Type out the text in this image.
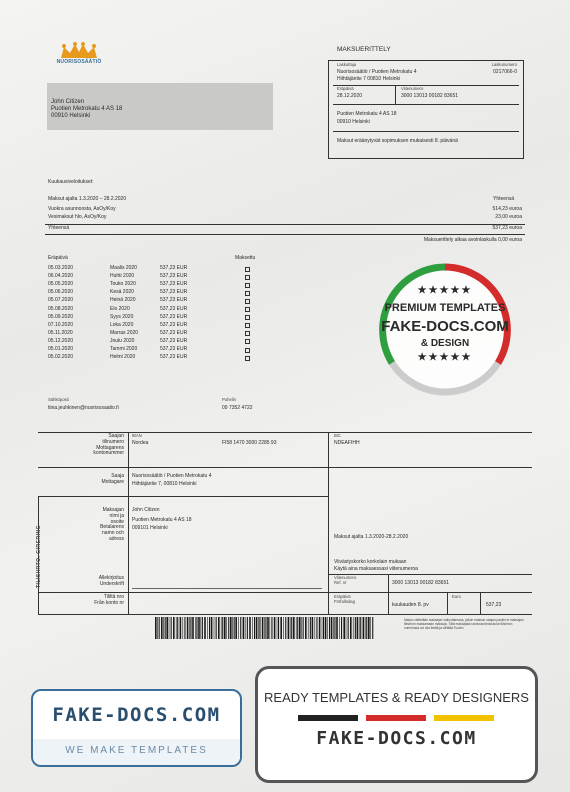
NUORISOSÄÄTIÖ
John Citizen
Puotien Metrokatu 4 AS 18
00910 Helsinki
MAKSUERITTELY
Laskuttaja	Laskunumero
Nuorisosäätiö / Puotien Metrokatu 4	0217066-0
Hiihtäjäntie 7 00810 Helsinki
Eräpäivä	Viitenumero
28.12.2020	3000 13013 00182 83651
Puotien Metrokatu 4 AS 18
00910 Helsinki
Maksut eräänytyvät sopimuksen mukaisesti 8. päivänä
Kuukausiveloitukset:
Maksut ajalta 1.3.2020 – 28.2.2020	Yhteensä
Vuokra asunnoosta, AsOy/Koy	514,23 euroa
Vesimaksut hlo, AsOy/Koy	23,00 euroa
Yhteensä	537,23 euroa
Maksuerittely alkaa avoinlaskulla 0,00 euroa
Eräpäivä	Maksettu
05.03.2020	Maalis 2020	537,23 EUR
06.04.2020	Huhti 2020	537,23 EUR
05.05.2020	Touko 2020	537,23 EUR
05.06.2020	Kesä 2020	537,23 EUR
05.07.2020	Heinä 2020	537,23 EUR
05.08.2020	Elo 2020	537,23 EUR
05.09.2020	Syys 2020	537,23 EUR
07.10.2020	Loka 2020	537,23 EUR
05.11.2020	Marras 2020	537,23 EUR
05.12.2020	Joulu 2020	537,23 EUR
05.01.2020	Tammi 2020	537,23 EUR
05.02.2020	Helmi 2020	537,23 EUR
★★★★★
PREMIUM TEMPLATES
FAKE-DOCS.COM
& DESIGN
★★★★★
Sähköposti
tiina.jeuhkinen@nuorisosaatio.fi
Puhelin
09 7352 4722
TILISIIRTO. GIRERING
Saajan
tilinumero
Mottagarens
kontonummer
IBAN
Nordea	FI58 1470 3000 2285 93
BIC
NDEAFIHH
Saaja
Mottagare
Nuorisosäätiö / Puotien Metrokatu 4
Hiihtäjäntie 7, 00810 Helsinki
Maksajan
nimi ja
osoite
Betalarens
namn och
adress
John Citizen
Puotien Metrokatu 4 AS 18
009101 Helsinki
Maksut ajalta 1.3.2020-28.2.2020
Viivästyskorko korkolain mukaan
Käytä aina maksaessasi viitenumeroa
Allekirjoitus
Underskrift
Tililtä nro
Från konto nr
Viitenumero
Ref. nr	3000 13013 00182 83651
Eräpäivä
Förfallodag
kuukauden 8. pv
Euro
537,23
Maksu välitetään maksajan valtuuttamana, jolloin maksun saajan pankki ei maksajan tilisiirron maksamaan maksuja. Tätä maksajaksi aiotusta tiedosta tai tilisiirron numerosta voi olla tietää ja välittää Tuulen.
READY TEMPLATES & READY DESIGNERS
FAKE-DOCS.COM
FAKE-DOCS.COM
WE MAKE TEMPLATES
